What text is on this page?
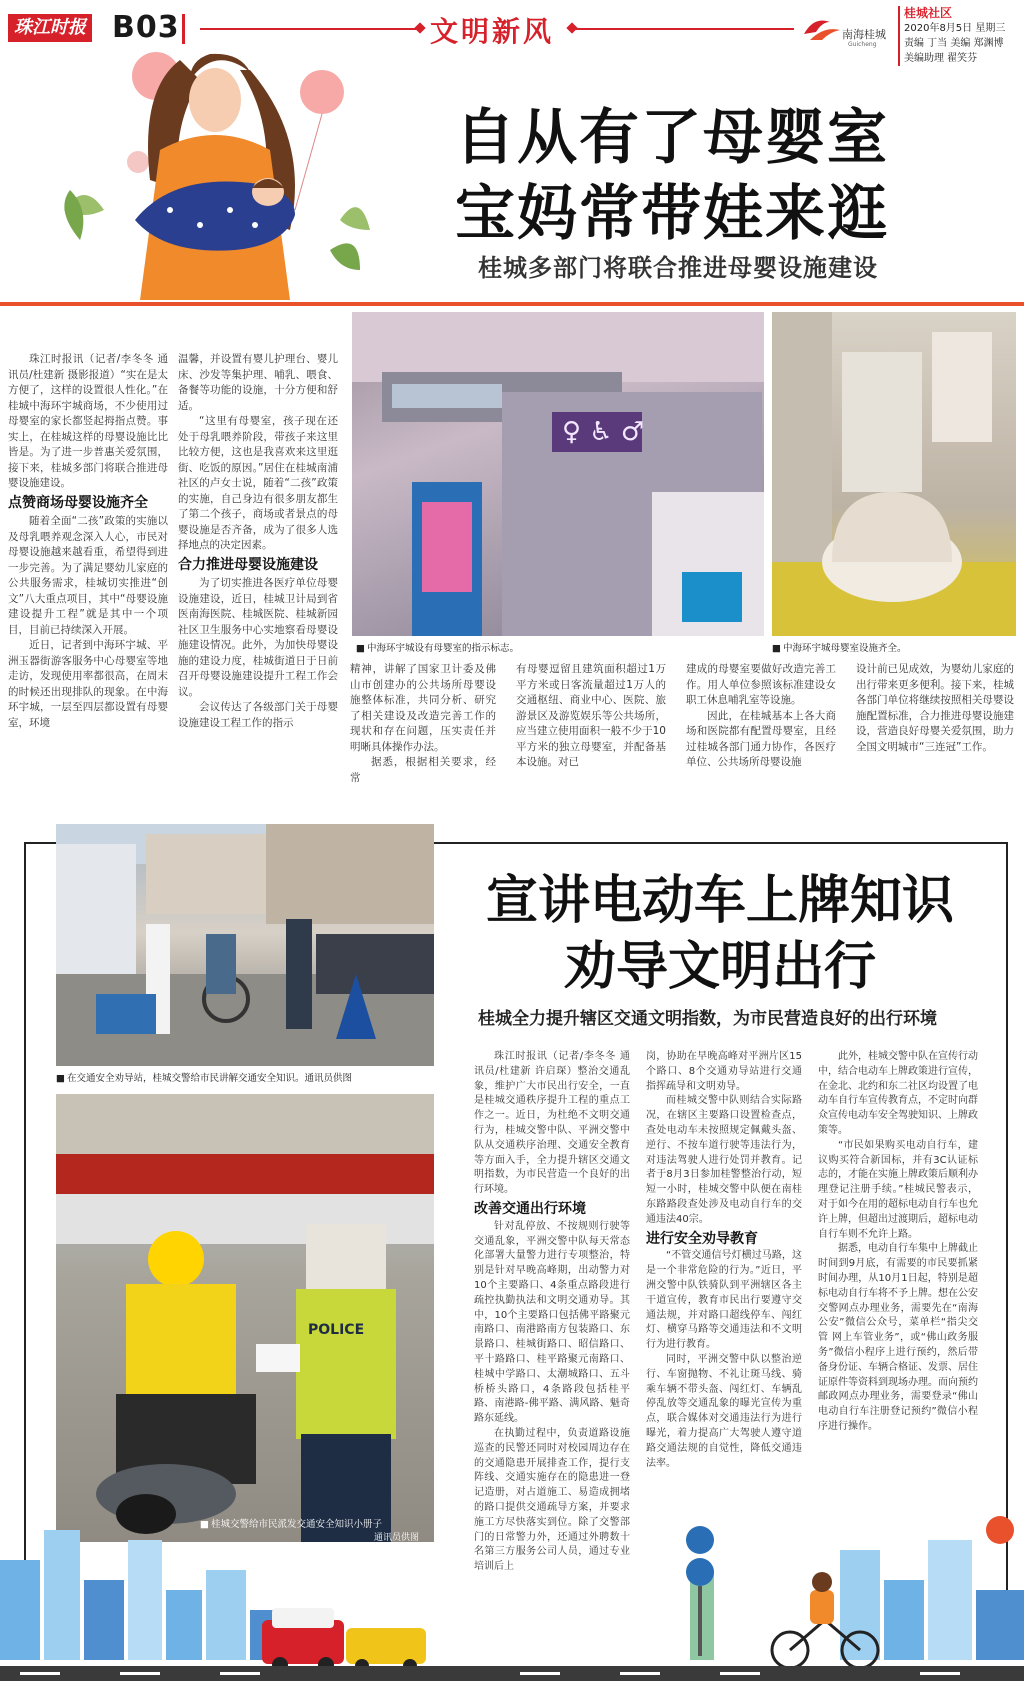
珠江时报 B03	文明新风	南海桂城
Guicheng
桂城社区
2020年8月5日 星期三
责编 丁当 美编 郑渊博
美编助理 翟笑芬
自从有了母婴室
宝妈常带娃来逛
桂城多部门将联合推进母婴设施建设

珠江时报讯（记者/李冬冬 通讯员/杜建新 摄影报道）“实在是太方便了，这样的设置很人性化。”在桂城中海环宇城商场，不少使用过母婴室的家长都竖起拇指点赞。事实上，在桂城这样的母婴设施比比皆是。为了进一步普惠关爱氛围，接下来，桂城多部门将联合推进母婴设施建设。

点赞商场母婴设施齐全

随着全面“二孩”政策的实施以及母乳喂养观念深入人心，市民对母婴设施越来越看重，希望得到进一步完善。为了满足婴幼儿家庭的公共服务需求，桂城切实推进“创文”八大重点项目，其中“母婴设施建设提升工程”就是其中一个项目，目前已持续深入开展。

近日，记者到中海环宇城、平洲玉器街游客服务中心母婴室等地走访，发现使用率都很高，在周末的时候还出现排队的现象。在中海环宇城，一层至四层都设置有母婴室，环境

温馨，并设置有婴儿护理台、婴儿床、沙发等集护理、哺乳、喂食、备餐等功能的设施，十分方便和舒适。

“这里有母婴室，孩子现在还处于母乳喂养阶段，带孩子来这里比较方便，这也是我喜欢来这里逛街、吃饭的原因。”居住在桂城南浦社区的卢女士说，随着“二孩”政策的实施，自己身边有很多朋友都生了第二个孩子，商场或者景点的母婴设施是否齐备，成为了很多人选择地点的决定因素。

合力推进母婴设施建设

为了切实推进各医疗单位母婴设施建设，近日，桂城卫计局到省医南海医院、桂城医院、桂城新园社区卫生服务中心实地察看母婴设施建设情况。此外，为加快母婴设施的建设力度，桂城街道日于日前召开母婴设施建设提升工程工作会议。

会议传达了各级部门关于母婴设施建设工程工作的指示

♀ ♿ ♂
■ 中海环宇城设有母婴室的指示标志。
■	中海环宇城母婴室设施齐全。

精神，讲解了国家卫计委及佛山市创建办的公共场所母婴设施整体标准，共同分析、研究了相关建设及改造完善工作的现状和存在问题，压实责任并明晰具体操作办法。

据悉，根据相关要求，经常

有母婴逗留且建筑面积超过1万平方米或日客流量超过1万人的交通枢纽、商业中心、医院、旅游景区及游览娱乐等公共场所，应当建立使用面积一般不少于10平方米的独立母婴室，并配备基本设施。对已

建成的母婴室要做好改造完善工作。用人单位参照该标准建设女职工休息哺乳室等设施。

因此，在桂城基本上各大商场和医院都有配置母婴室，且经过桂城各部门通力协作，各医疗单位、公共场所母婴设施

设计前已见成效，为婴幼儿家庭的出行带来更多便利。接下来，桂城各部门单位将继续按照相关母婴设施配置标准，合力推进母婴设施建设，营造良好母婴关爱氛围，助力全国文明城市“三连冠”工作。

■ 在交通安全劝导站，桂城交警给市民讲解交通安全知识。通讯员供图
POLICE
■ 桂城交警给市民派发交通安全知识小册子
通讯员供图
宣讲电动车上牌知识
劝导文明出行
桂城全力提升辖区交通文明指数，为市民营造良好的出行环境

珠江时报讯（记者/李冬冬 通讯员/杜建新 许启琛）整治交通乱象，维护广大市民出行安全，一直是桂城交通秩序提升工程的重点工作之一。近日，为杜绝不文明交通行为，桂城交警中队、平洲交警中队从交通秩序治理、交通安全教育等方面入手，全力提升辖区交通文明指数，为市民营造一个良好的出行环境。

改善交通出行环境

针对乱停放、不按规则行驶等交通乱象，平洲交警中队每天常态化部署大量警力进行专项整治，特别是针对早晚高峰期，出动警力对10个主要路口、4条重点路段进行疏控执勤执法和文明交通劝导。其中，10个主要路口包括佛平路聚元南路口、南港路南方包装路口、东景路口、桂城街路口、昭信路口、平十路路口、桂平路聚元南路口、桂城中学路口、太潮城路口、五斗桥桥头路口，4条路段包括桂平路、南港路-佛平路、满风路、魁奇路东延线。

在执勤过程中，负责道路设施巡查的民警还同时对校园周边存在的交通隐患开展排查工作，提行支阵线、交通实施存在的隐患进一登记造册，对占道施工、易造成拥堵的路口提供交通疏导方案，并要求施工方尽快落实到位。除了交警部门的日常警力外，还通过外聘数十名第三方服务公司人员，通过专业培训后上

岗，协助在早晚高峰对平洲片区15个路口、8个交通劝导站进行交通指挥疏导和文明劝导。

而桂城交警中队则结合实际路况，在辖区主要路口设置检查点，查处电动车未按照规定佩戴头盔、逆行、不按车道行驶等违法行为，对违法驾驶人进行处罚并教育。记者于8月3日参加桂警整治行动，短短一小时，桂城交警中队便在南桂东路路段查处涉及电动自行车的交通违法40宗。

进行安全劝导教育

“不管交通信号灯横过马路，这是一个非常危险的行为。”近日，平洲交警中队铁骑队到平洲辖区各主干道宣传，教育市民出行要遵守交通法规，并对路口超线停车、闯红灯、横穿马路等交通违法和不文明行为进行教育。

同时，平洲交警中队以整治逆行、车窗抛物、不礼让斑马线、骑乘车辆不带头盔、闯红灯、车辆乱停乱放等交通乱象的曝光宣传为重点，联合媒体对交通违法行为进行曝光，着力提高广大驾驶人遵守道路交通法规的自觉性，降低交通违法率。

此外，桂城交警中队在宣传行动中，结合电动车上牌政策进行宣传，在金北、北约和东二社区均设置了电动车自行车宣传教育点，不定时向群众宣传电动车安全驾驶知识、上牌政策等。

“市民如果购买电动自行车，建议购买符合新国标，并有3C认证标志的，才能在实施上牌政策后顺利办理登记注册手续。”桂城民警表示，对于如今在用的超标电动自行车也允许上牌，但超出过渡期后，超标电动自行车则不允许上路。

据悉，电动自行车集中上牌截止时间到9月底，有需要的市民要抓紧时间办理，从10月1日起，特别是超标电动自行车将不予上牌。想在公安交警网点办理业务，需要先在“南海公安”微信公众号，菜单栏“指尖交管 网上车管业务”，或“佛山政务服务”微信小程序上进行预约，然后带备身份证、车辆合格证、发票、居住证原件等资料到现场办理。而向预约邮政网点办理业务，需要登录“佛山电动自行车注册登记预约”微信小程序进行操作。
